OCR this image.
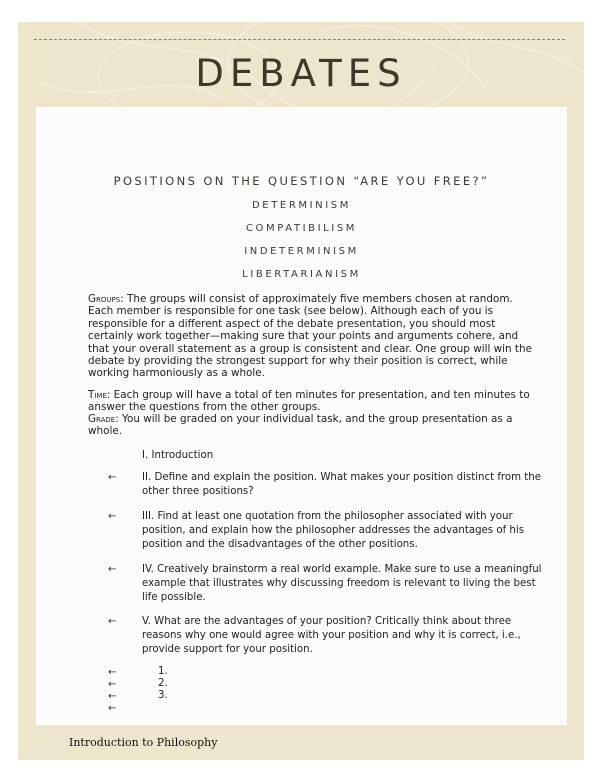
DEBATES
POSITIONS ON THE QUESTION “ARE YOU FREE?”
DETERMINISM
COMPATIBILISM
INDETERMINISM
LIBERTARIANISM
Groups: The groups will consist of approximately five members chosen at random. Each member is responsible for one task (see below). Although each of you is responsible for a different aspect of the debate presentation, you should most certainly work together—making sure that your points and arguments cohere, and that your overall statement as a group is consistent and clear. One group will win the debate by providing the strongest support for why their position is correct, while working harmoniously as a whole.
Time: Each group will have a total of ten minutes for presentation, and ten minutes to answer the questions from the other groups.
Grade: You will be graded on your individual task, and the group presentation as a whole.
I. Introduction
←	II. Define and explain the position. What makes your position distinct from the other three positions?
←	III. Find at least one quotation from the philosopher associated with your position, and explain how the philosopher addresses the advantages of his position and the disadvantages of the other positions.
←	IV. Creatively brainstorm a real world example. Make sure to use a meaningful example that illustrates why discussing freedom is relevant to living the best life possible.
←	V. What are the advantages of your position? Critically think about three reasons why one would agree with your position and why it is correct, i.e., provide support for your position.
←	1.
←	2.
←	3.
←
Introduction to Philosophy
